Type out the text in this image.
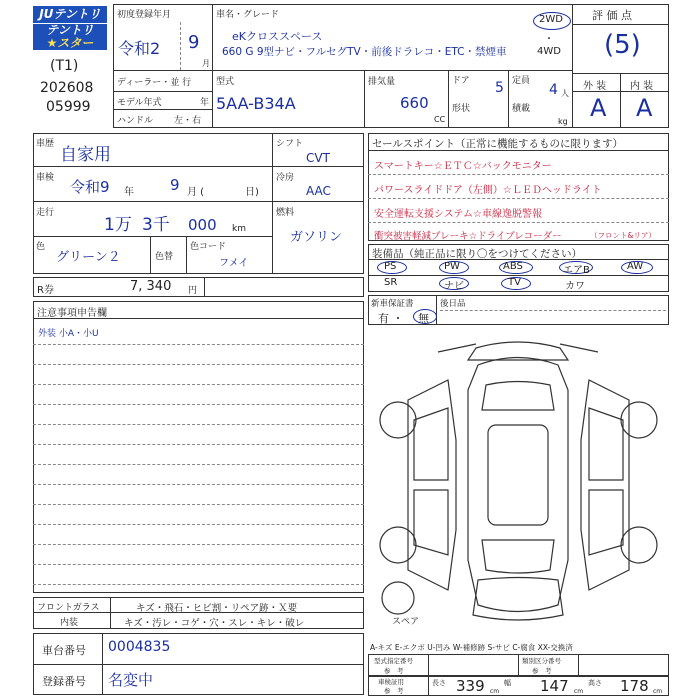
JUテントリ
テントリ
★スター
(T1)
202608
05999
初度登録年月
令和2 9
月
車名・グレード
eKクロススペース
660 G 9型ナビ・フルセグTV・前後ドラレコ・ETC・禁煙車
2WD
・
4WD
評 価 点
(5)
外 装 内 装
A A
ディーラー・並 行
モデル年式	年
ハンドル 左・右
型式
5AA-B34A
排気量
660
CC
ドア 5
形状
定員
4 人
積載
kg
車歴
自家用
車検 令和9 年 9 月 (	日)
走行
1万 3千 000 km
色
グリーン２	色替
色コード
フメイ
シフト
CVT
冷房
AAC
燃料
ガソリン
セールスポイント（正常に機能するものに限ります）
スマートキー☆ＥＴＣ☆バックモニター
パワースライドドア（左側）☆ＬＥＤヘッドライト
安全運転支援システム☆車線逸脱警報
衝突被害軽減ブレーキ☆ドライブレコーダー	（フロント&リア）
装備品（純正品に限り〇をつけてください）
PS	PW	ABS	エアB	AW
SR	ナビ	TV	カワ
R券	7, 340 円
新車保証書
有 ・ 無
後日品
注意事項申告欄
外装 小A・小U
スペア
フロントガラス	キズ・飛石・ヒビ割・リペア跡・Ｘ要
内装	キズ・汚レ・コゲ・穴・スレ・キレ・破レ
車台番号 0004835
登録番号 名変中
A-キズ E-エクボ U-凹み W-補修跡 S-サビ C-腐食 XX-交換済
型式指定番号
参　考
類別区分番号
参　考
車検証用
参　考
長さ 339 cm
幅 147 cm
高さ 178 cm
